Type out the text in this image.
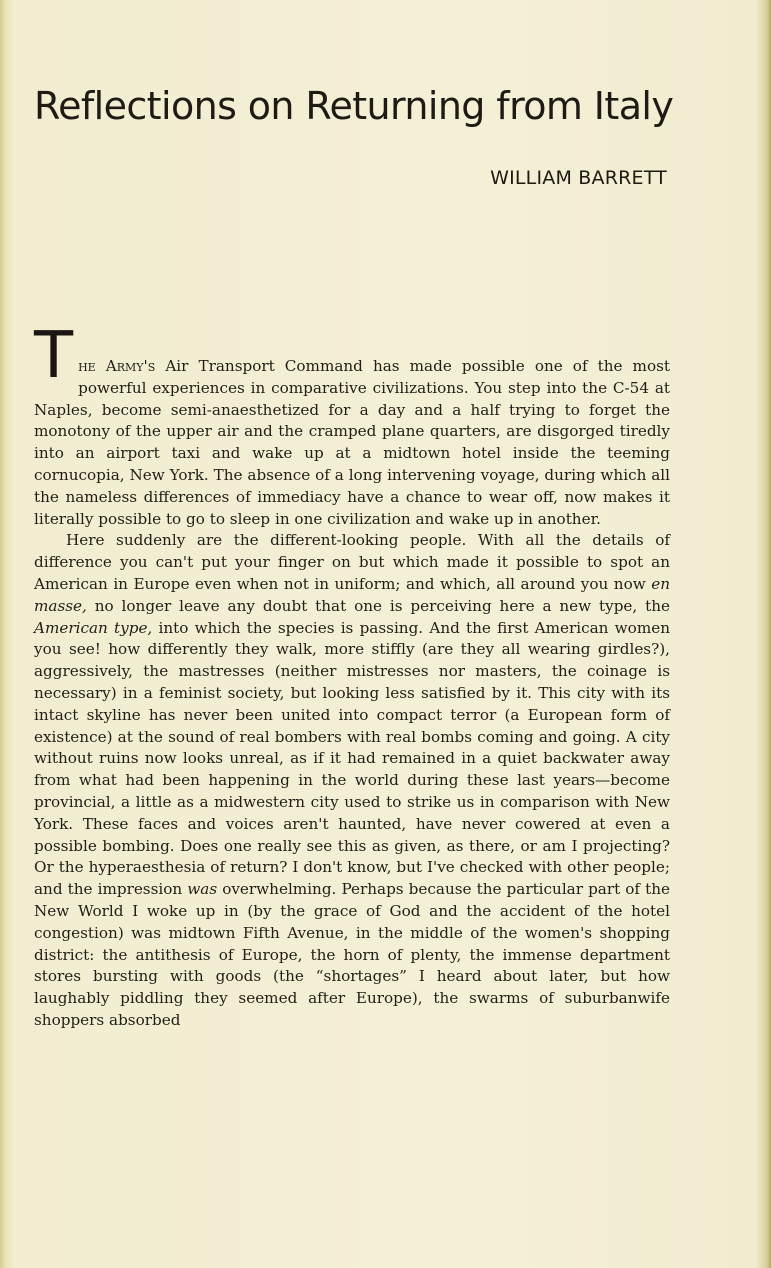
Reflections on Returning from Italy
WILLIAM BARRETT

The Army's Air Transport Command has made possible one of the most powerful experiences in comparative civilizations. You step into the C-54 at Naples, become semi-anaesthetized for a day and a half trying to forget the monotony of the upper air and the cramped plane quarters, are disgorged tiredly into an airport taxi and wake up at a midtown hotel inside the teeming cornucopia, New York. The absence of a long intervening voyage, during which all the nameless differences of immediacy have a chance to wear off, now makes it literally possible to go to sleep in one civilization and wake up in another.

Here suddenly are the different-looking people. With all the details of difference you can't put your finger on but which made it possible to spot an American in Europe even when not in uniform; and which, all around you now en masse, no longer leave any doubt that one is perceiving here a new type, the American type, into which the species is passing. And the first American women you see! how differently they walk, more stiffly (are they all wearing girdles?), aggressively, the mastresses (neither mistresses nor masters, the coinage is necessary) in a feminist society, but looking less satisfied by it. This city with its intact skyline has never been united into compact terror (a European form of existence) at the sound of real bombers with real bombs coming and going. A city without ruins now looks unreal, as if it had remained in a quiet backwater away from what had been happening in the world during these last years—become provincial, a little as a midwestern city used to strike us in comparison with New York. These faces and voices aren't haunted, have never cowered at even a possible bombing. Does one really see this as given, as there, or am I projecting? Or the hyperaesthesia of return? I don't know, but I've checked with other people; and the impression was overwhelming. Perhaps because the particular part of the New World I woke up in (by the grace of God and the accident of the hotel congestion) was midtown Fifth Avenue, in the middle of the women's shopping district: the antithesis of Europe, the horn of plenty, the immense department stores bursting with goods (the “shortages” I heard about later, but how laughably piddling they seemed after Europe), the swarms of suburbanwife shoppers absorbed
